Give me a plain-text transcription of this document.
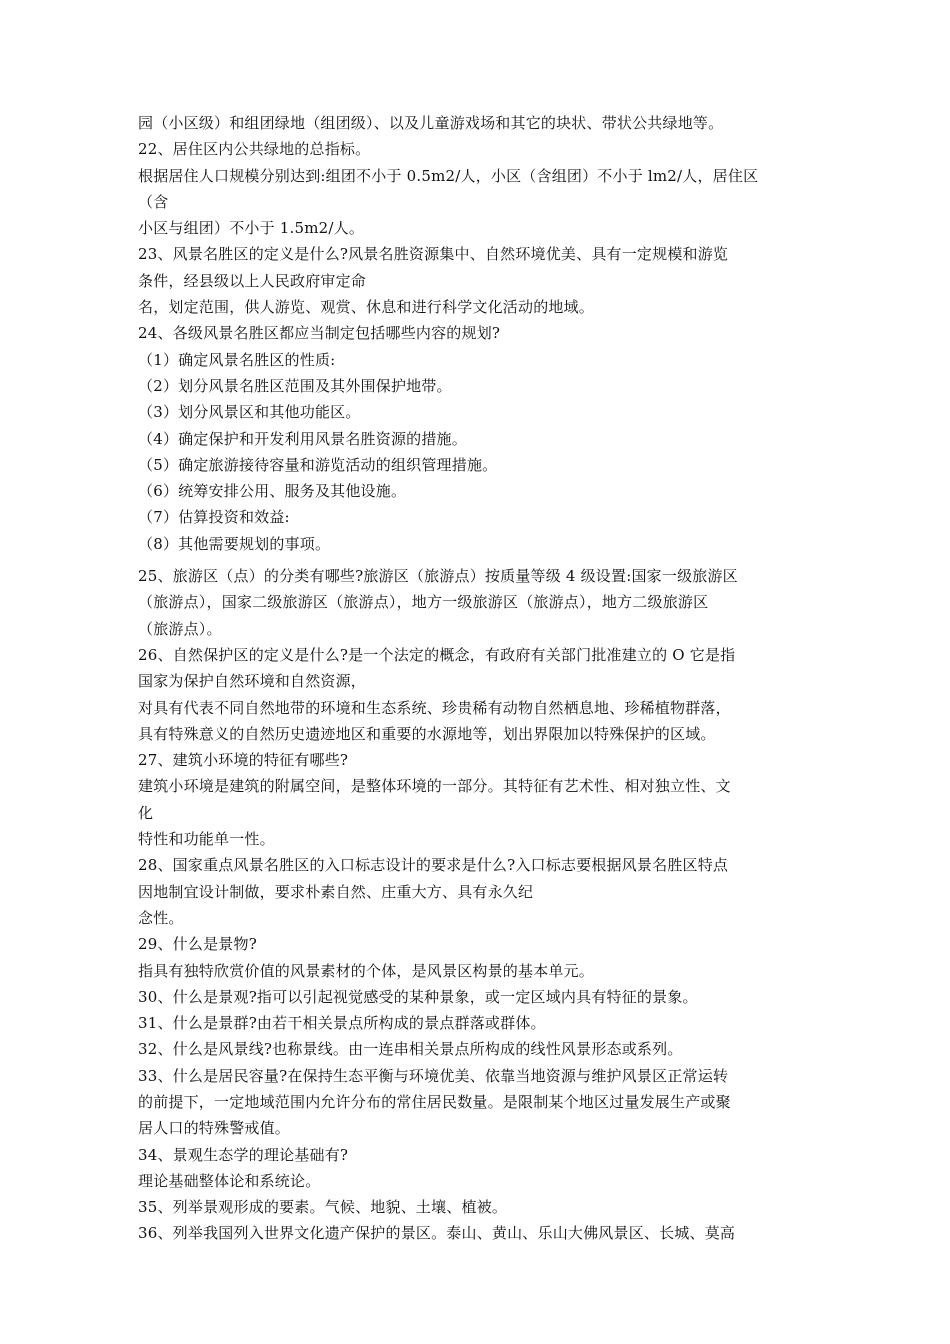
园（小区级）和组团绿地（组团级）、以及儿童游戏场和其它的块状、带状公共绿地等。
22、居住区内公共绿地的总指标。
根据居住人口规模分别达到:组团不小于 0.5m2/人，小区（含组团）不小于 lm2/人，居住区
（含
小区与组团）不小于 1.5m2/人。
23、风景名胜区的定义是什么?风景名胜资源集中、自然环境优美、具有一定规模和游览
条件，经县级以上人民政府审定命
名，划定范围，供人游览、观赏、休息和进行科学文化活动的地域。
24、各级风景名胜区都应当制定包括哪些内容的规划?
（1）确定风景名胜区的性质:
（2）划分风景名胜区范围及其外围保护地带。
（3）划分风景区和其他功能区。
（4）确定保护和开发利用风景名胜资源的措施。
（5）确定旅游接待容量和游览活动的组织管理措施。
（6）统筹安排公用、服务及其他设施。
（7）估算投资和效益:
（8）其他需要规划的事项。
25、旅游区（点）的分类有哪些?旅游区（旅游点）按质量等级 4 级设置:国家一级旅游区
（旅游点），国家二级旅游区（旅游点），地方一级旅游区（旅游点），地方二级旅游区
（旅游点）。
26、自然保护区的定义是什么?是一个法定的概念，有政府有关部门批准建立的 O 它是指
国家为保护自然环境和自然资源，
对具有代表不同自然地带的环境和生态系统、珍贵稀有动物自然栖息地、珍稀植物群落，
具有特殊意义的自然历史遗迹地区和重要的水源地等，划出界限加以特殊保护的区域。
27、建筑小环境的特征有哪些?
建筑小环境是建筑的附属空间，是整体环境的一部分。其特征有艺术性、相对独立性、文
化
特性和功能单一性。
28、国家重点风景名胜区的入口标志设计的要求是什么?入口标志要根据风景名胜区特点
因地制宜设计制做，要求朴素自然、庄重大方、具有永久纪
念性。
29、什么是景物?
指具有独特欣赏价值的风景素材的个体，是风景区构景的基本单元。
30、什么是景观?指可以引起视觉感受的某种景象，或一定区域内具有特征的景象。
31、什么是景群?由若干相关景点所构成的景点群落或群体。
32、什么是风景线?也称景线。由一连串相关景点所构成的线性风景形态或系列。
33、什么是居民容量?在保持生态平衡与环境优美、依靠当地资源与维护风景区正常运转
的前提下，一定地域范围内允许分布的常住居民数量。是限制某个地区过量发展生产或聚
居人口的特殊警戒值。
34、景观生态学的理论基础有?
理论基础整体论和系统论。
35、列举景观形成的要素。气候、地貌、土壤、植被。
36、列举我国列入世界文化遗产保护的景区。泰山、黄山、乐山大佛风景区、长城、莫高
